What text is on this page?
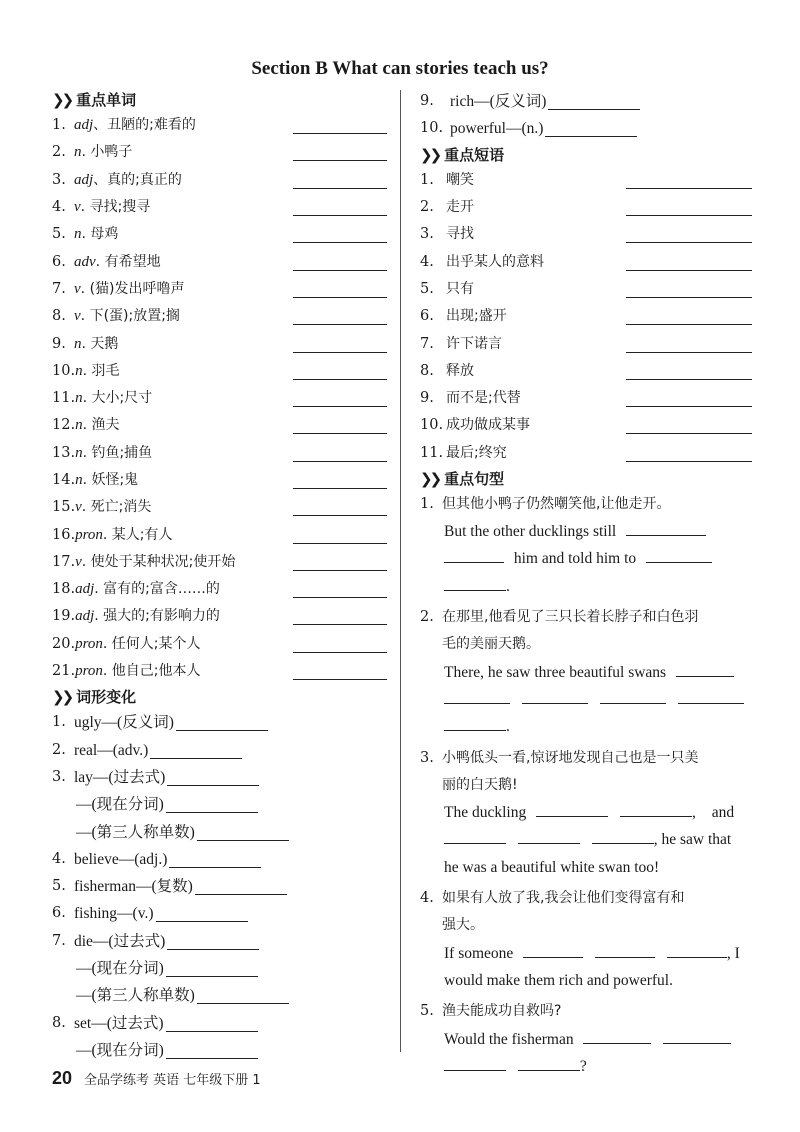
Section B What can stories teach us?
❯❯ 重点单词
1. adj 、丑陋的;难看的
2. n . 小鸭子
3. adj 、真的;真正的
4. v . 寻找;搜寻
5. n . 母鸡
6. adv . 有希望地
7. v . (猫)发出呼噜声
8. v . 下(蛋);放置;搁
9. n . 天鹅
10. n . 羽毛
11. n . 大小;尺寸
12. n . 渔夫
13. n . 钓鱼;捕鱼
14. n . 妖怪;鬼
15. v . 死亡;消失
16. pron . 某人;有人
17. v . 使处于某种状况;使开始
18. adj . 富有的;富含……的
19. adj . 强大的;有影响力的
20. pron . 任何人;某个人
21. pron . 他自己;他本人
❯❯ 词形变化
1. ugly—(反义词)
2. real—(adv.)
3. lay—(过去式)
—(现在分词)
—(第三人称单数)
4. believe—(adj.)
5. fisherman—(复数)
6. fishing—(v.)
7. die—(过去式)
—(现在分词)
—(第三人称单数)
8. set—(过去式)
—(现在分词)
9.	rich—(反义词)
10. powerful—(n.)
❯❯ 重点短语
1. 嘲笑
2. 走开
3. 寻找
4. 出乎某人的意料
5. 只有
6. 出现;盛开
7. 许下诺言
8. 释放
9. 而不是;代替
10. 成功做成某事
11. 最后;终究
❯❯ 重点句型
1. 但其他小鸭子仍然嘲笑他,让他走开。
But the other ducklings still
him and told him to
.
2. 在那里,他看见了三只长着长脖子和白色羽
毛的美丽天鹅。
There, he saw three beautiful swans

.
3. 小鸭低头一看,惊讶地发现自己也是一只美
丽的白天鹅!
The duckling	, and
, he saw that
he was a beautiful white swan too!
4. 如果有人放了我,我会让他们变得富有和
强大。
If someone	, I
would make them rich and powerful.
5. 渔夫能成功自救吗?
Would the fisherman
?
20 全品学练考 英语 七年级下册 1
